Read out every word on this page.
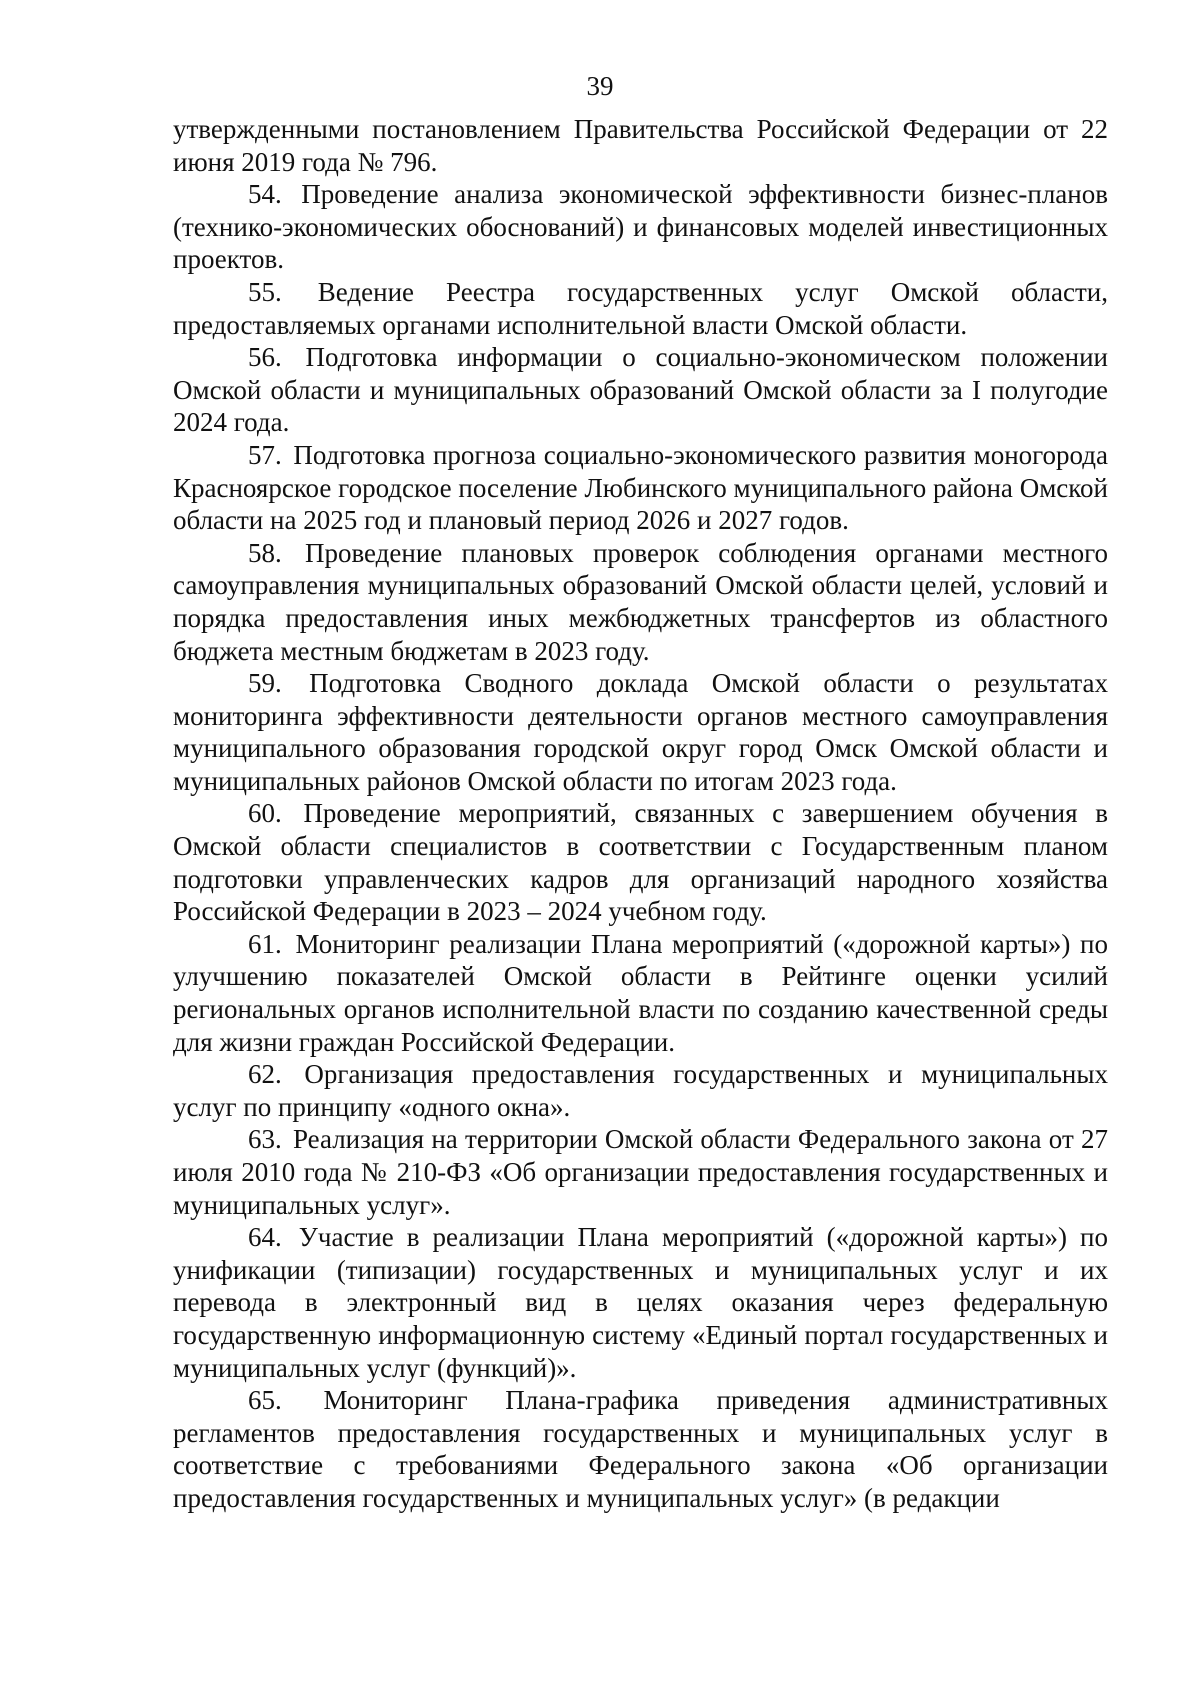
39

утвержденными постановлением Правительства Российской Федерации от 22 июня 2019 года № 796.

54. Проведение анализа экономической эффективности бизнес-планов (технико-экономических обоснований) и финансовых моделей инвестиционных проектов.

55. Ведение Реестра государственных услуг Омской области, предоставляемых органами исполнительной власти Омской области.

56. Подготовка информации о социально-экономическом положении Омской области и муниципальных образований Омской области за I полугодие 2024 года.

57. Подготовка прогноза социально-экономического развития моногорода Красноярское городское поселение Любинского муниципального района Омской области на 2025 год и плановый период 2026 и 2027 годов.

58. Проведение плановых проверок соблюдения органами местного самоуправления муниципальных образований Омской области целей, условий и порядка предоставления иных межбюджетных трансфертов из областного бюджета местным бюджетам в 2023 году.

59. Подготовка Сводного доклада Омской области о результатах мониторинга эффективности деятельности органов местного самоуправления муниципального образования городской округ город Омск Омской области и муниципальных районов Омской области по итогам 2023 года.

60. Проведение мероприятий, связанных с завершением обучения в Омской области специалистов в соответствии с Государственным планом подготовки управленческих кадров для организаций народного хозяйства Российской Федерации в 2023 – 2024 учебном году.

61. Мониторинг реализации Плана мероприятий («дорожной карты») по улучшению показателей Омской области в Рейтинге оценки усилий региональных органов исполнительной власти по созданию качественной среды для жизни граждан Российской Федерации.

62. Организация предоставления государственных и муниципальных услуг по принципу «одного окна».

63. Реализация на территории Омской области Федерального закона от 27 июля 2010 года № 210-ФЗ «Об организации предоставления государственных и муниципальных услуг».

64. Участие в реализации Плана мероприятий («дорожной карты») по унификации (типизации) государственных и муниципальных услуг и их перевода в электронный вид в целях оказания через федеральную государственную информационную систему «Единый портал государственных и муниципальных услуг (функций)».

65. Мониторинг Плана-графика приведения административных регламентов предоставления государственных и муниципальных услуг в соответствие с требованиями Федерального закона «Об организации предоставления государственных и муниципальных услуг» (в редакции
